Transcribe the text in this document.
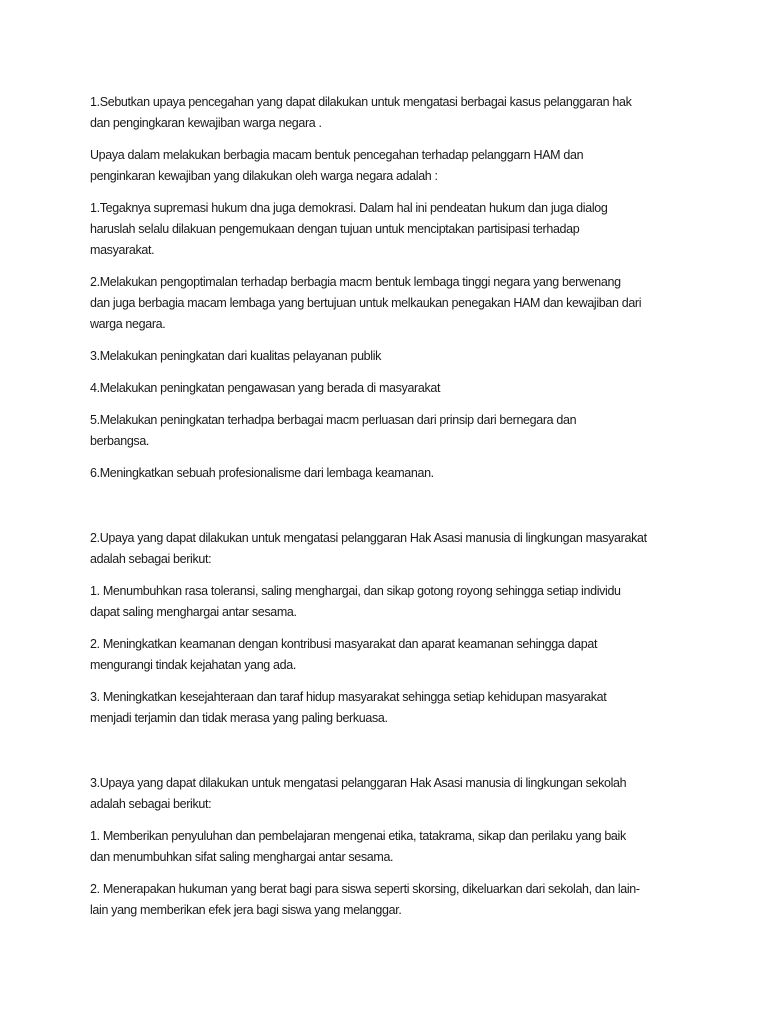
1.Sebutkan upaya pencegahan yang dapat dilakukan untuk mengatasi berbagai kasus pelanggaran hak
dan pengingkaran kewajiban warga negara .

Upaya dalam melakukan berbagia macam bentuk pencegahan terhadap pelanggarn HAM dan
penginkaran kewajiban yang dilakukan oleh warga negara adalah :

1.Tegaknya supremasi hukum dna juga demokrasi. Dalam hal ini pendeatan hukum dan juga dialog
haruslah selalu dilakuan pengemukaan dengan tujuan untuk menciptakan partisipasi terhadap
masyarakat.

2.Melakukan pengoptimalan terhadap berbagia macm bentuk lembaga tinggi negara yang berwenang
dan juga berbagia macam lembaga yang bertujuan untuk melkaukan penegakan HAM dan kewajiban dari
warga negara.

3.Melakukan peningkatan dari kualitas pelayanan publik

4.Melakukan peningkatan pengawasan yang berada di masyarakat

5.Melakukan peningkatan terhadpa berbagai macm perluasan dari prinsip dari bernegara dan
berbangsa.

6.Meningkatkan sebuah profesionalisme dari lembaga keamanan.

2.Upaya yang dapat dilakukan untuk mengatasi pelanggaran Hak Asasi manusia di lingkungan masyarakat
adalah sebagai berikut:

1. Menumbuhkan rasa toleransi, saling menghargai, dan sikap gotong royong sehingga setiap individu
dapat saling menghargai antar sesama.

2. Meningkatkan keamanan dengan kontribusi masyarakat dan aparat keamanan sehingga dapat
mengurangi tindak kejahatan yang ada.

3. Meningkatkan kesejahteraan dan taraf hidup masyarakat sehingga setiap kehidupan masyarakat
menjadi terjamin dan tidak merasa yang paling berkuasa.

3.Upaya yang dapat dilakukan untuk mengatasi pelanggaran Hak Asasi manusia di lingkungan sekolah
adalah sebagai berikut:

1. Memberikan penyuluhan dan pembelajaran mengenai etika, tatakrama, sikap dan perilaku yang baik
dan menumbuhkan sifat saling menghargai antar sesama.

2. Menerapakan hukuman yang berat bagi para siswa seperti skorsing, dikeluarkan dari sekolah, dan lain-
lain yang memberikan efek jera bagi siswa yang melanggar.
